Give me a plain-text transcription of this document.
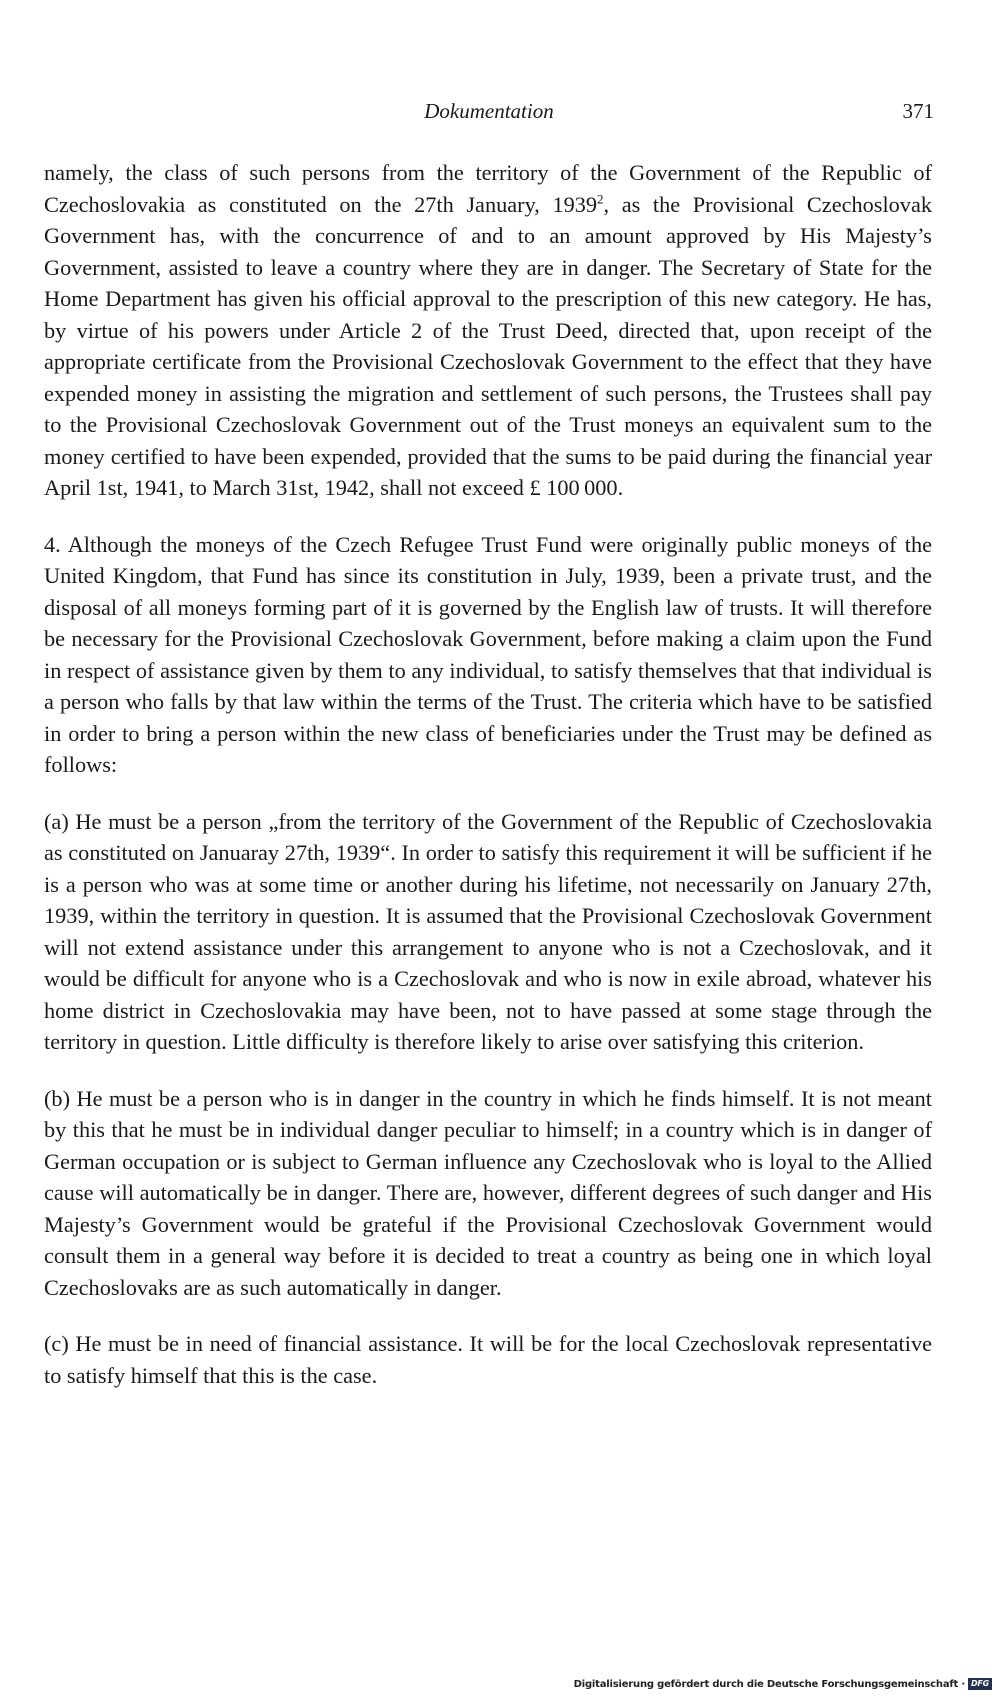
Dokumentation	371

namely, the class of such persons from the territory of the Government of the Republic of Czechoslovakia as constituted on the 27th January, 1939$^2$, as the Provisional Czechoslovak Government has, with the concurrence of and to an amount approved by His Majesty’s Government, assisted to leave a country where they are in danger. The Secretary of State for the Home Department has given his official approval to the prescription of this new category. He has, by virtue of his powers under Article 2 of the Trust Deed, directed that, upon receipt of the appropriate certificate from the Provisional Czechoslovak Government to the effect that they have expended money in assisting the migration and settlement of such persons, the Trustees shall pay to the Provisional Czechoslovak Government out of the Trust moneys an equivalent sum to the money certified to have been expended, provided that the sums to be paid during the financial year April 1st, 1941, to March 31st, 1942, shall not exceed £ 100 000.

4. Although the moneys of the Czech Refugee Trust Fund were originally public moneys of the United Kingdom, that Fund has since its constitution in July, 1939, been a private trust, and the disposal of all moneys forming part of it is governed by the English law of trusts. It will therefore be necessary for the Provisional Czechoslovak Government, before making a claim upon the Fund in respect of assistance given by them to any individual, to satisfy themselves that that individual is a person who falls by that law within the terms of the Trust. The criteria which have to be satisfied in order to bring a person within the new class of beneficiaries under the Trust may be defined as follows:

(a) He must be a person „from the territory of the Government of the Republic of Czechoslovakia as constituted on Januaray 27th, 1939“. In order to satisfy this requirement it will be sufficient if he is a person who was at some time or another during his lifetime, not necessarily on January 27th, 1939, within the territory in question. It is assumed that the Provisional Czechoslovak Government will not extend assistance under this arrangement to anyone who is not a Czechoslovak, and it would be difficult for anyone who is a Czechoslovak and who is now in exile abroad, whatever his home district in Czechoslovakia may have been, not to have passed at some stage through the territory in question. Little difficulty is therefore likely to arise over satisfying this criterion.

(b) He must be a person who is in danger in the country in which he finds himself. It is not meant by this that he must be in individual danger peculiar to himself; in a country which is in danger of German occupation or is subject to German influence any Czechoslovak who is loyal to the Allied cause will automatically be in danger. There are, however, different degrees of such danger and His Majesty’s Government would be grateful if the Provisional Czechoslovak Government would consult them in a general way before it is decided to treat a country as being one in which loyal Czechoslovaks are as such automatically in danger.

(c) He must be in need of financial assistance. It will be for the local Czechoslovak representative to satisfy himself that this is the case.

Digitalisierung gefördert durch die Deutsche Forschungsgemeinschaft · DFG
